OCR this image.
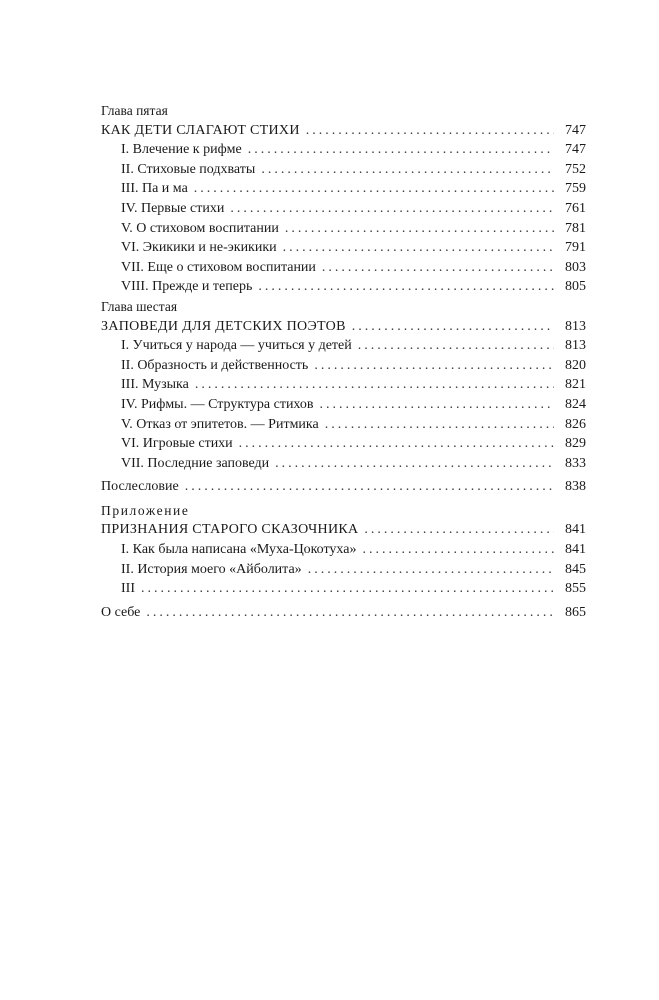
Глава пятая
КАК ДЕТИ СЛАГАЮТ СТИХИ .....	747
I. Влечение к рифме .....	747
II. Стиховые подхваты .....	752
III. Па и ма .....	759
IV. Первые стихи .....	761
V. О стиховом воспитании .....	781
VI. Экикики и не-экикики .....	791
VII. Еще о стиховом воспитании .....	803
VIII. Прежде и теперь .....	805
Глава шестая
ЗАПОВЕДИ ДЛЯ ДЕТСКИХ ПОЭТОВ .....	813
I. Учиться у народа — учиться у детей .....	813
II. Образность и действенность .....	820
III. Музыка .....	821
IV. Рифмы. — Структура стихов .....	824
V. Отказ от эпитетов. — Ритмика .....	826
VI. Игровые стихи .....	829
VII. Последние заповеди .....	833
Послесловие .....	838
Приложение
ПРИЗНАНИЯ СТАРОГО СКАЗОЧНИКА .....	841
I. Как была написана «Муха-Цокотуха» .....	841
II. История моего «Айболита» .....	845
III .....	855
О себе .....	865
